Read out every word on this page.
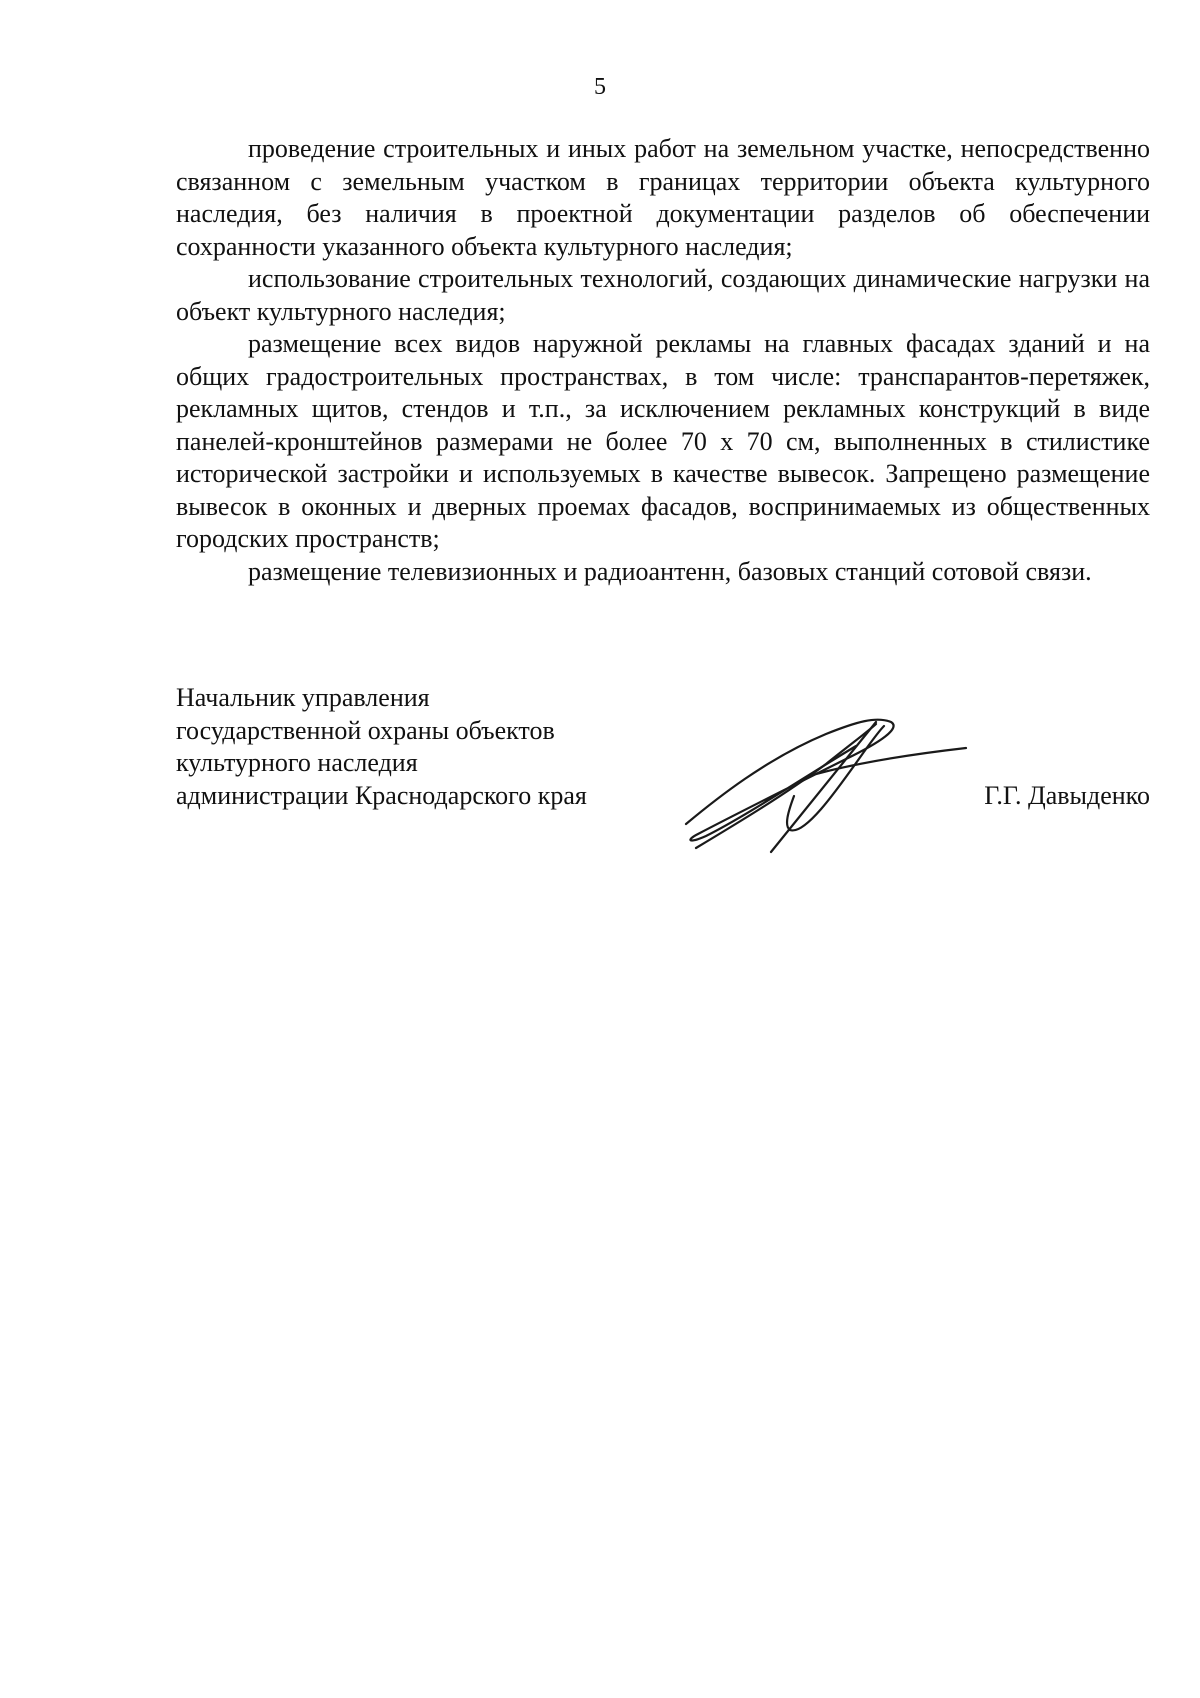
5

проведение строительных и иных работ на земельном участке, непосредственно связанном с земельным участком в границах территории объекта культурного наследия, без наличия в проектной документации разделов об обеспечении сохранности указанного объекта культурного наследия;

использование строительных технологий, создающих динамические нагрузки на объект культурного наследия;

размещение всех видов наружной рекламы на главных фасадах зданий и на общих градостроительных пространствах, в том числе: транспарантов-перетяжек, рекламных щитов, стендов и т.п., за исключением рекламных конструкций в виде панелей-кронштейнов размерами не более 70 х 70 см, выполненных в стилистике исторической застройки и используемых в качестве вывесок. Запрещено размещение вывесок в оконных и дверных проемах фасадов, воспринимаемых из общественных городских пространств;

размещение телевизионных и радиоантенн, базовых станций сотовой связи.

Начальник управления
государственной охраны объектов
культурного наследия
администрации Краснодарского края	Г.Г. Давыденко
